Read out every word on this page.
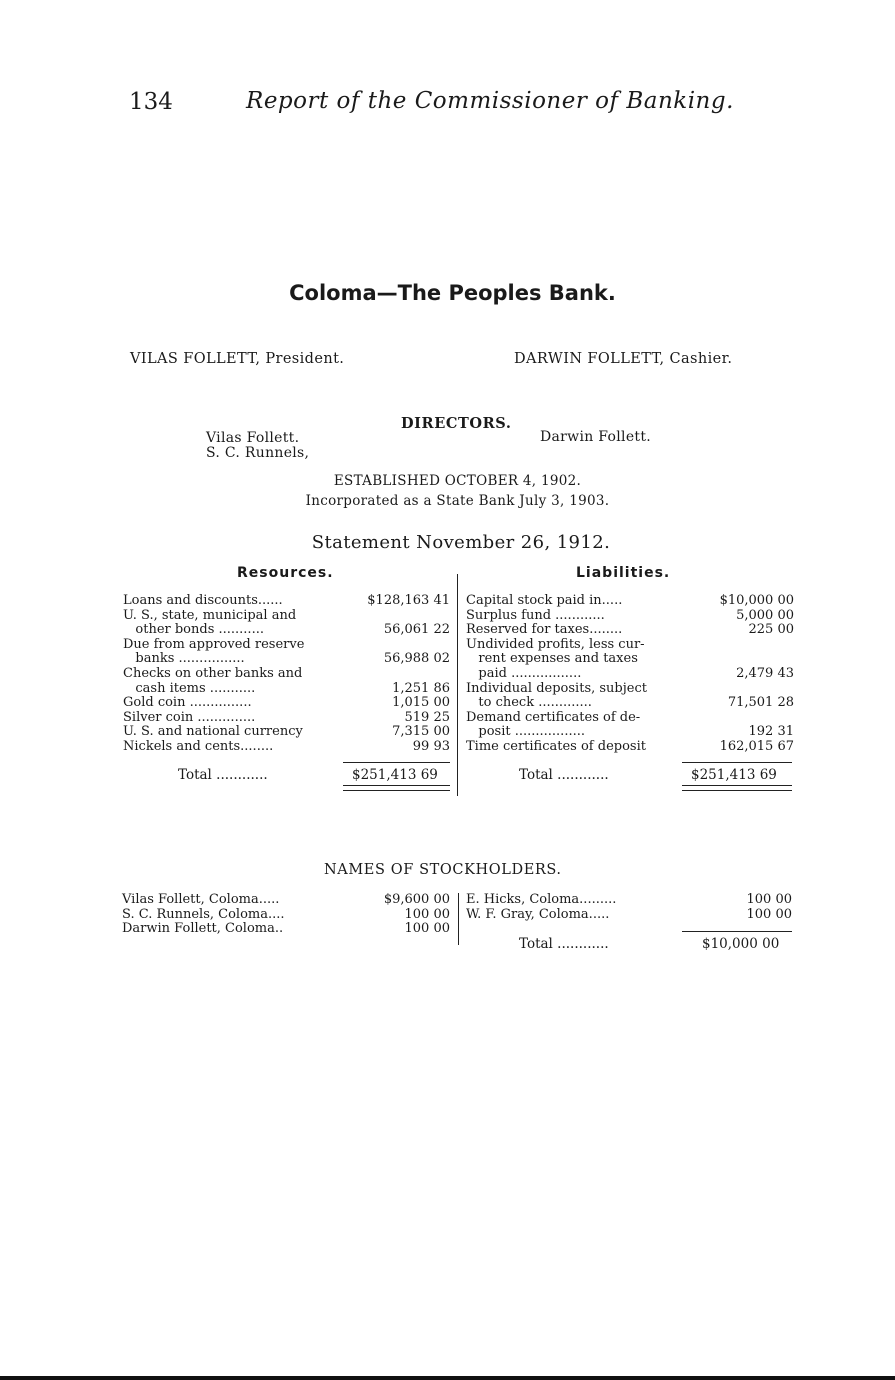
134	Report of the Commissioner of Banking.
Coloma—The Peoples Bank.
VILAS FOLLETT, President.	DARWIN FOLLETT, Cashier.
DIRECTORS.
Vilas Follett.
S. C. Runnels,
Darwin Follett.
ESTABLISHED OCTOBER 4, 1902.
Incorporated as a State Bank July 3, 1903.
Statement November 26, 1912.
Resources.	Liabilities.
Loans and discounts......	$128,163 41
U. S., state, municipal and
other bonds ...........	56,061 22
Due from approved reserve
banks ................	56,988 02
Checks on other banks and
cash items ...........	1,251 86
Gold coin ...............	1,015 00
Silver coin ..............	519 25
U. S. and national currency	7,315 00
Nickels and cents........	99 93
Capital stock paid in.....	$10,000 00
Surplus fund ............	5,000 00
Reserved for taxes........	225 00
Undivided profits, less cur-
rent expenses and taxes
paid .................	2,479 43
Individual deposits, subject
to check .............	71,501 28
Demand certificates of de-
posit .................	192 31
Time certificates of deposit	162,015 67
Total ............	$251,413 69	Total ............	$251,413 69
NAMES OF STOCKHOLDERS.
Vilas Follett, Coloma.....	$9,600 00
S. C. Runnels, Coloma....	100 00
Darwin Follett, Coloma..	100 00
E. Hicks, Coloma.........	100 00
W. F. Gray, Coloma.....	100 00
Total ............	$10,000 00
